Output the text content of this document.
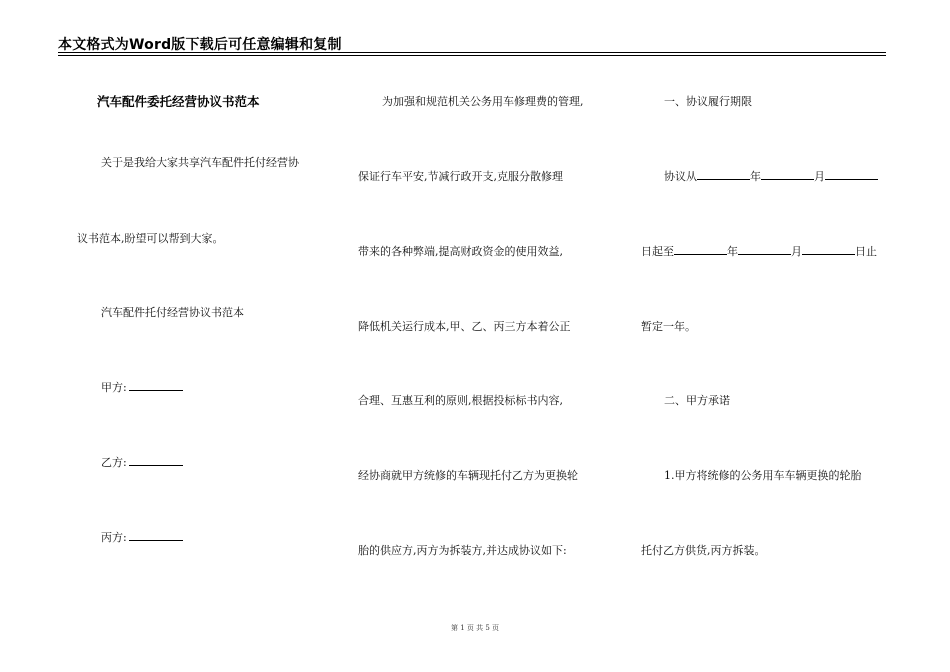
本文格式为Word版下载后可任意编辑和复制
汽车配件委托经营协议书范本
关于是我给大家共享汽车配件托付经营协
议书范本,盼望可以帮到大家。
汽车配件托付经营协议书范本
甲方:
乙方:
丙方:
为加强和规范机关公务用车修理费的管理,
保证行车平安,节减行政开支,克服分散修理
带来的各种弊端,提高财政资金的使用效益,
降低机关运行成本,甲、乙、丙三方本着公正
合理、互惠互利的原则,根据投标标书内容,
经协商就甲方统修的车辆现托付乙方为更换轮
胎的供应方,丙方为拆装方,并达成协议如下:
一、协议履行期限
协议从	年	月
日起至	年	月	日止
暂定一年。
二、甲方承诺
1.甲方将统修的公务用车车辆更换的轮胎
托付乙方供货,丙方拆装。
第 1 页 共 5 页
